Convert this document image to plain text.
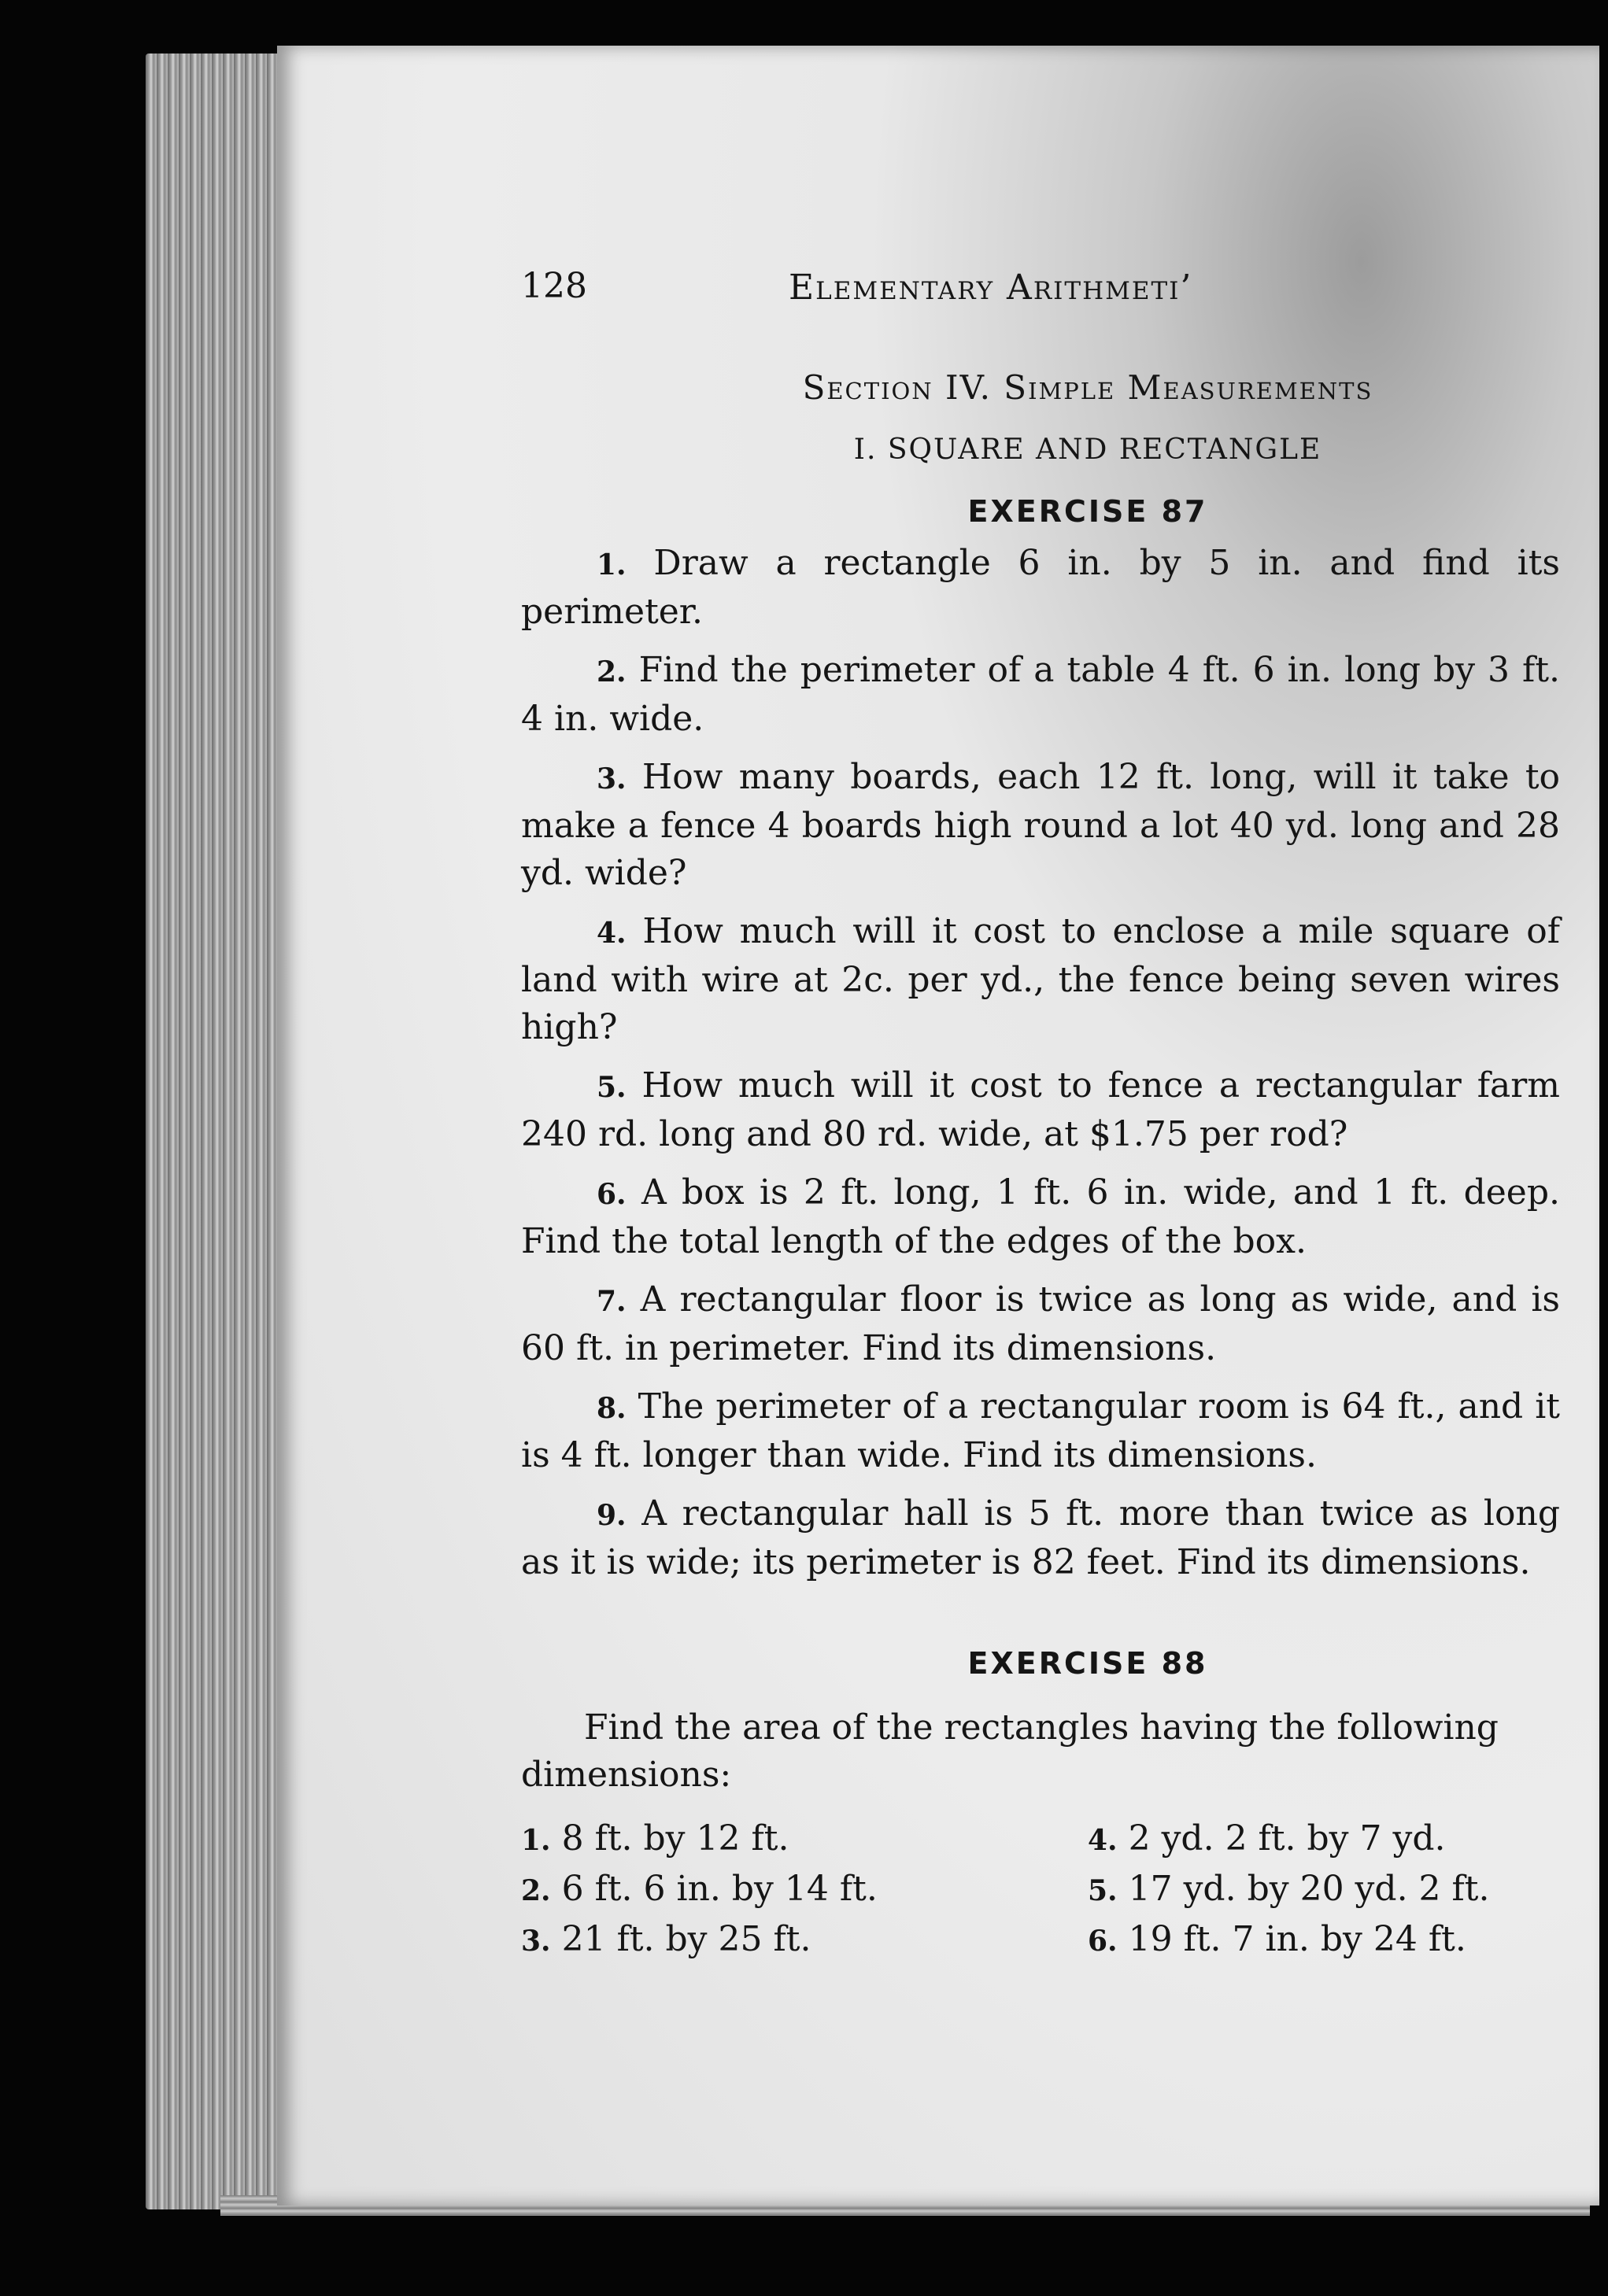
128	Elementary Arithmeti’
Section IV. Simple Measurements
I. SQUARE AND RECTANGLE
EXERCISE 87
1. Draw a rectangle 6 in. by 5 in. and find its perimeter.
2. Find the perimeter of a table 4 ft. 6 in. long by 3 ft. 4 in. wide.
3. How many boards, each 12 ft. long, will it take to make a fence 4 boards high round a lot 40 yd. long and 28 yd. wide?
4. How much will it cost to enclose a mile square of land with wire at 2c. per yd., the fence being seven wires high?
5. How much will it cost to fence a rectangular farm 240 rd. long and 80 rd. wide, at $1.75 per rod?
6. A box is 2 ft. long, 1 ft. 6 in. wide, and 1 ft. deep. Find the total length of the edges of the box.
7. A rectangular floor is twice as long as wide, and is 60 ft. in perimeter. Find its dimensions.
8. The perimeter of a rectangular room is 64 ft., and it is 4 ft. longer than wide. Find its dimensions.
9. A rectangular hall is 5 ft. more than twice as long as it is wide; its perimeter is 82 feet. Find its dimensions.
EXERCISE 88
Find the area of the rectangles having the following dimensions:
1. 8 ft. by 12 ft.	4. 2 yd. 2 ft. by 7 yd.
2. 6 ft. 6 in. by 14 ft.	5. 17 yd. by 20 yd. 2 ft.
3. 21 ft. by 25 ft.	6. 19 ft. 7 in. by 24 ft.
